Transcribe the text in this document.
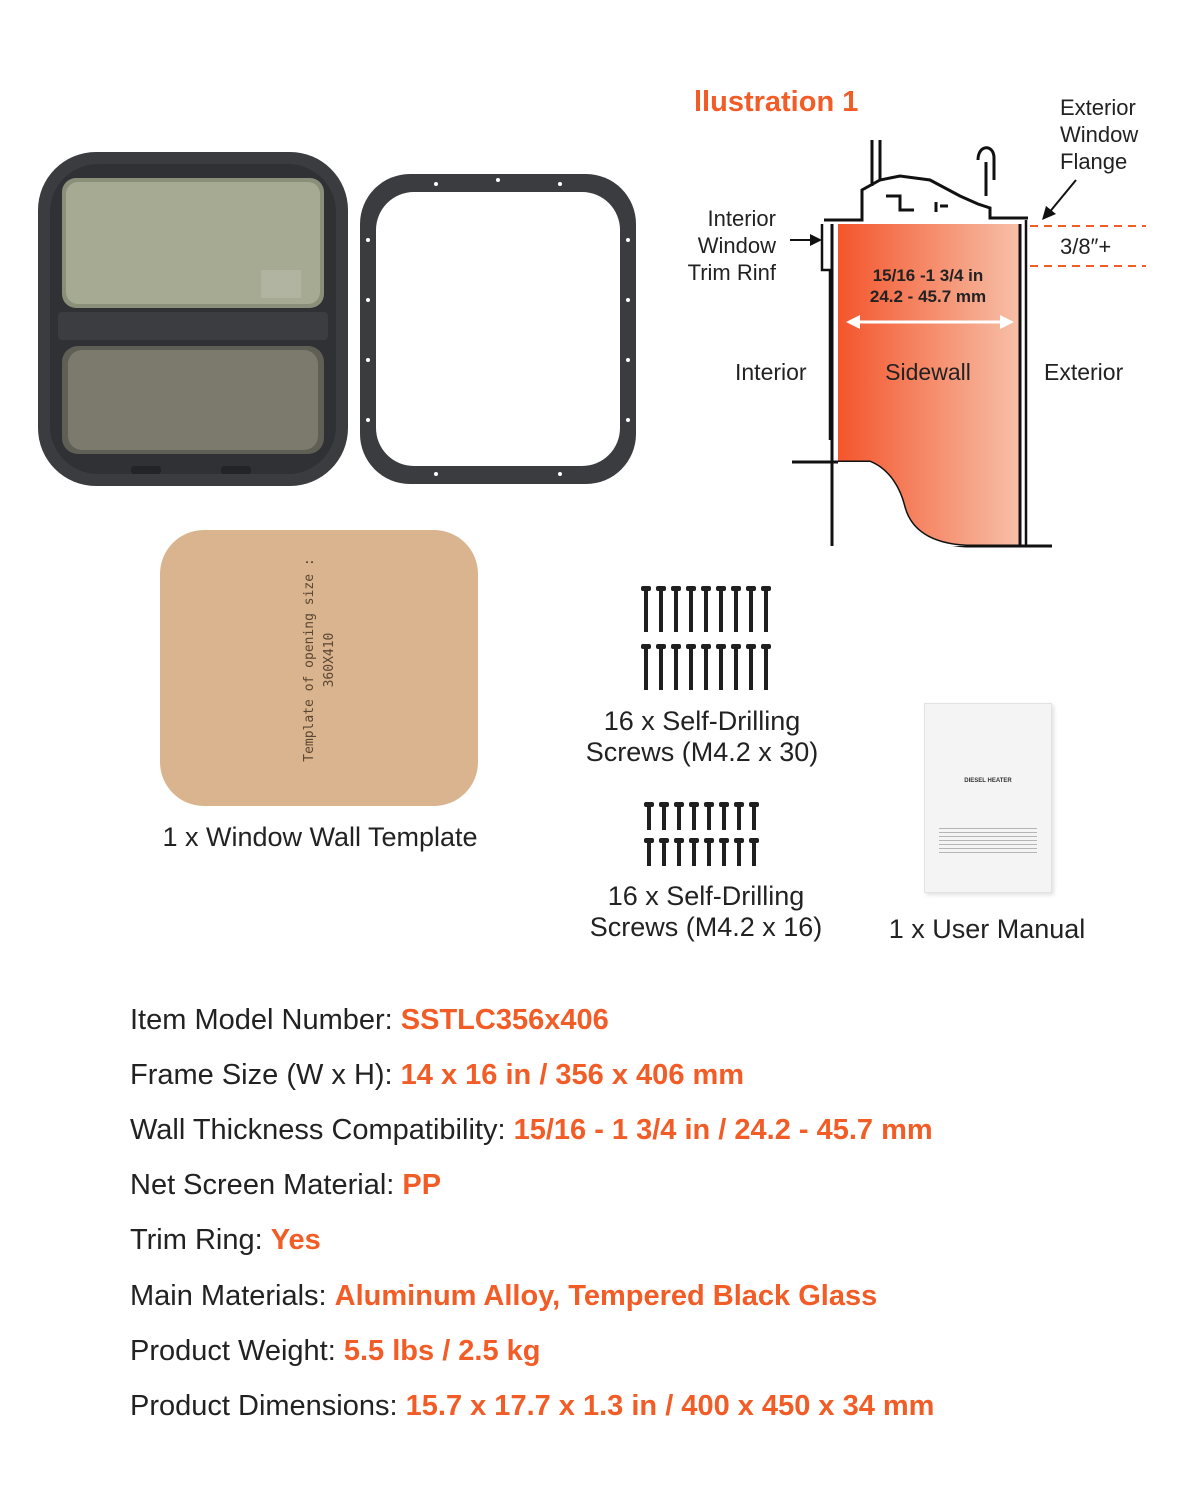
llustration 1	Exterior
Window
Flange
Interior
Window
Trim Rinf
3/8″+
15/16 -1 3/4 in
24.2 - 45.7 mm
Interior	Sidewall	Exterior
Template of opening size : 360X410
1 x Window Wall Template
16 x Self-Drilling
Screws (M4.2 x 30)
16 x Self-Drilling
Screws (M4.2 x 16)
DIESEL HEATER
1 x User Manual
Item Model Number: SSTLC356x406
Frame Size (W x H): 14 x 16 in / 356 x 406 mm
Wall Thickness Compatibility: 15/16 - 1 3/4 in / 24.2 - 45.7 mm
Net Screen Material: PP
Trim Ring: Yes
Main Materials: Aluminum Alloy, Tempered Black Glass
Product Weight: 5.5 lbs / 2.5 kg
Product Dimensions: 15.7 x 17.7 x 1.3 in / 400 x 450 x 34 mm
